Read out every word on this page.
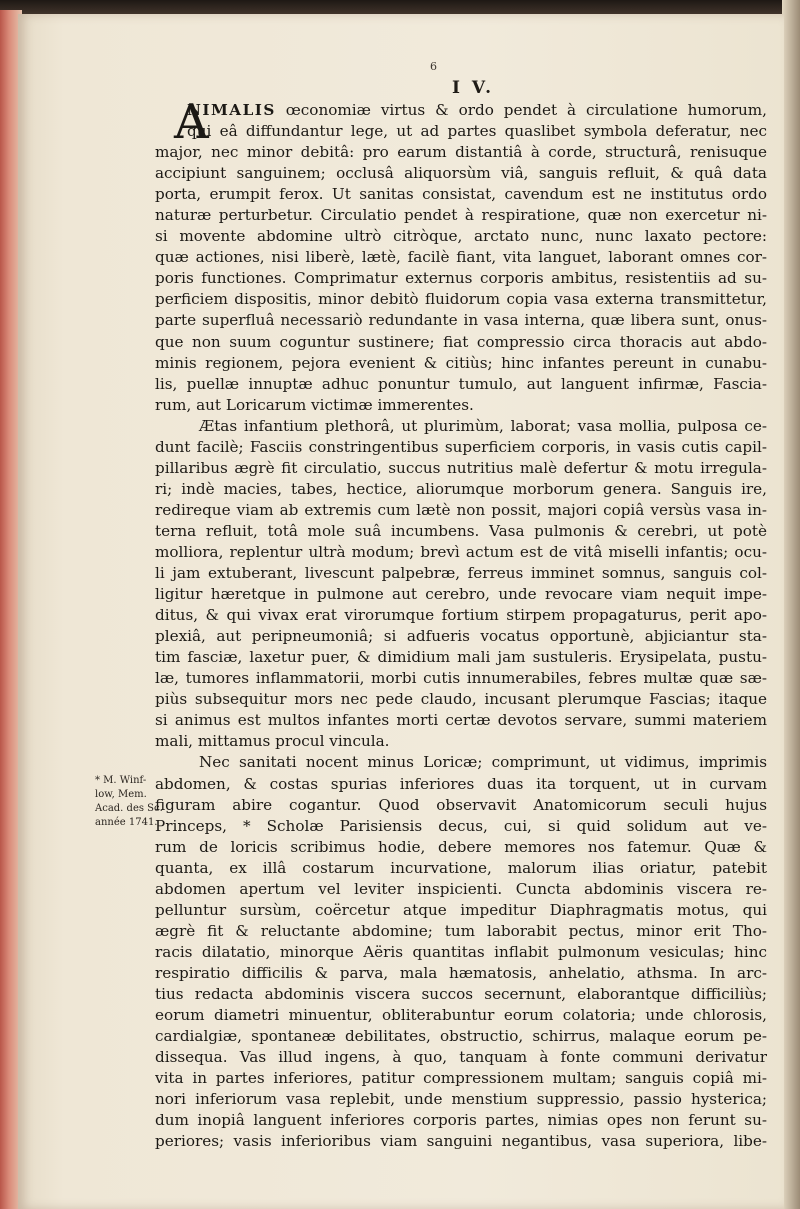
6
I V.
A
NIMALIS œconomiæ virtus & ordo pendet à circulatione humorum,
qui eâ diffundantur lege, ut ad partes quaslibet symbola deferatur, nec
major, nec minor debitâ: pro earum distantiâ à corde, structurâ, renisuque
accipiunt sanguinem; occlusâ aliquorsùm viâ, sanguis refluit, & quâ data
porta, erumpit ferox. Ut sanitas consistat, cavendum est ne institutus ordo
naturæ perturbetur. Circulatio pendet à respiratione, quæ non exercetur ni-
si movente abdomine ultrò citròque, arctato nunc, nunc laxato pectore:
quæ actiones, nisi liberè, lætè, facilè fiant, vita languet, laborant omnes cor-
poris functiones. Comprimatur externus corporis ambitus, resistentiis ad su-
perficiem dispositis, minor debitò fluidorum copia vasa externa transmittetur,
parte superfluâ necessariò redundante in vasa interna, quæ libera sunt, onus-
que non suum coguntur sustinere; fiat compressio circa thoracis aut abdo-
minis regionem, pejora evenient & citiùs; hinc infantes pereunt in cunabu-
lis, puellæ innuptæ adhuc ponuntur tumulo, aut languent infirmæ, Fascia-
rum, aut Loricarum victimæ immerentes.
Ætas infantium plethorâ, ut plurimùm, laborat; vasa mollia, pulposa ce-
dunt facilè; Fasciis constringentibus superficiem corporis, in vasis cutis capil-
pillaribus ægrè fit circulatio, succus nutritius malè defertur & motu irregula-
ri; indè macies, tabes, hectice, aliorumque morborum genera. Sanguis ire,
redireque viam ab extremis cum lætè non possit, majori copiâ versùs vasa in-
terna refluit, totâ mole suâ incumbens. Vasa pulmonis & cerebri, ut potè
molliora, replentur ultrà modum; brevì actum est de vitâ miselli infantis; ocu-
li jam extuberant, livescunt palpebræ, ferreus imminet somnus, sanguis col-
ligitur hæretque in pulmone aut cerebro, unde revocare viam nequit impe-
ditus, & qui vivax erat virorumque fortium stirpem propagaturus, perit apo-
plexiâ, aut peripneumoniâ; si adfueris vocatus opportunè, abjiciantur sta-
tim fasciæ, laxetur puer, & dimidium mali jam sustuleris. Erysipelata, pustu-
læ, tumores inflammatorii, morbi cutis innumerabiles, febres multæ quæ sæ-
piùs subsequitur mors nec pede claudo, incusant plerumque Fascias; itaque
si animus est multos infantes morti certæ devotos servare, summi materiem
mali, mittamus procul vincula.
Nec sanitati nocent minus Loricæ; comprimunt, ut vidimus, imprimis
abdomen, & costas spurias inferiores duas ita torquent, ut in curvam
figuram abire cogantur. Quod observavit Anatomicorum seculi hujus
Princeps, * Scholæ Parisiensis decus, cui, si quid solidum aut ve-
rum de loricis scribimus hodie, debere memores nos fatemur. Quæ &
quanta, ex illâ costarum incurvatione, malorum ilias oriatur, patebit
abdomen apertum vel leviter inspicienti. Cuncta abdominis viscera re-
pelluntur sursùm, coërcetur atque impeditur Diaphragmatis motus, qui
ægrè fit & reluctante abdomine; tum laborabit pectus, minor erit Tho-
racis dilatatio, minorque Aëris quantitas inflabit pulmonum vesiculas; hinc
respiratio difficilis & parva, mala hæmatosis, anhelatio, athsma. In arc-
tius redacta abdominis viscera succos secernunt, elaborantque difficiliùs;
eorum diametri minuentur, obliterabuntur eorum colatoria; unde chlorosis,
cardialgiæ, spontaneæ debilitates, obstructio, schirrus, malaque eorum pe-
dissequa. Vas illud ingens, à quo, tanquam à fonte communi derivatur
vita in partes inferiores, patitur compressionem multam; sanguis copiâ mi-
nori inferiorum vasa replebit, unde menstium suppressio, passio hysterica;
dum inopiâ languent inferiores corporis partes, nimias opes non ferunt su-
periores; vasis inferioribus viam sanguini negantibus, vasa superiora, libe-
* M. Winf-
low, Mem.
Acad. des Sc.
année 1741.
